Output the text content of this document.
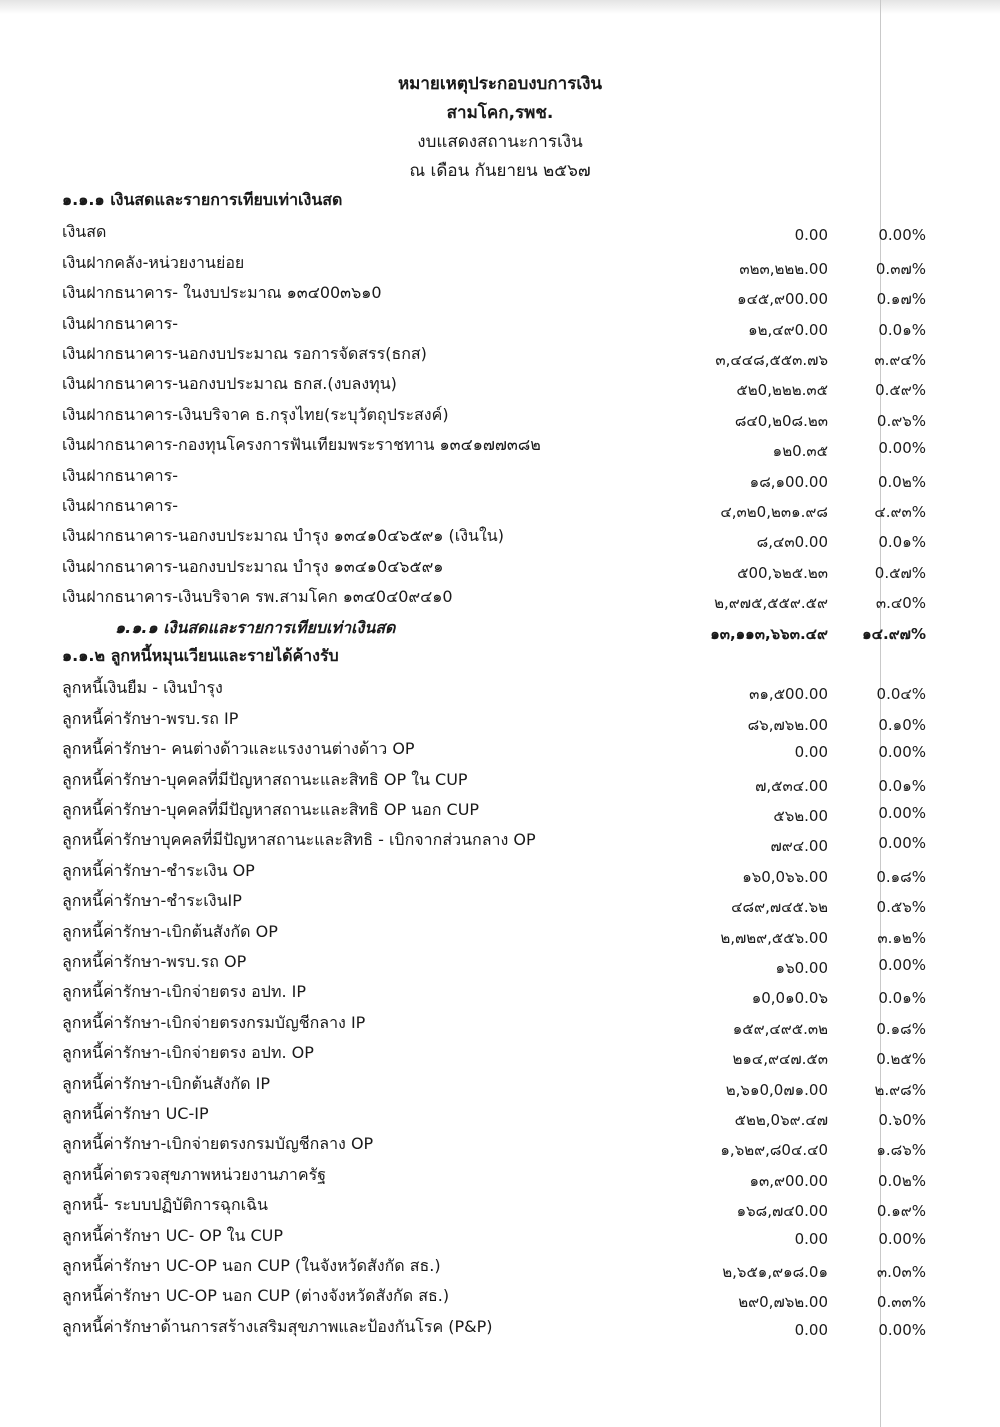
หมายเหตุประกอบงบการเงิน
สามโคก,รพช.
งบแสดงสถานะการเงิน
ณ เดือน กันยายน ๒๕๖๗
๑.๑.๑ เงินสดและรายการเทียบเท่าเงินสด
เงินสด	0.00	0.00%
เงินฝากคลัง-หน่วยงานย่อย	๓๒๓,๒๒๒.00	0.๓๗%
เงินฝากธนาคาร- ในงบประมาณ ๑๓๔00๓๖๑0	๑๔๕,๙00.00	0.๑๗%
เงินฝากธนาคาร-	๑๒,๔๙0.00	0.0๑%
เงินฝากธนาคาร-นอกงบประมาณ รอการจัดสรร(ธกส)	๓,๔๔๘,๕๕๓.๗๖	๓.๙๔%
เงินฝากธนาคาร-นอกงบประมาณ ธกส.(งบลงทุน)	๕๒0,๒๒๒.๓๕	0.๕๙%
เงินฝากธนาคาร-เงินบริจาค ธ.กรุงไทย(ระบุวัตถุประสงค์)	๘๔0,๒0๘.๒๓	0.๙๖%
เงินฝากธนาคาร-กองทุนโครงการฟันเทียมพระราชทาน ๑๓๔๑๗๗๓๘๒	๑๒0.๓๕	0.00%
เงินฝากธนาคาร-	๑๘,๑00.00	0.0๒%
เงินฝากธนาคาร-	๔,๓๒0,๒๓๑.๙๘	๔.๙๓%
เงินฝากธนาคาร-นอกงบประมาณ บำรุง ๑๓๔๑0๔๖๕๙๑ (เงินใน)	๘,๔๓0.00	0.0๑%
เงินฝากธนาคาร-นอกงบประมาณ บำรุง ๑๓๔๑0๔๖๕๙๑	๕00,๖๒๕.๒๓	0.๕๗%
เงินฝากธนาคาร-เงินบริจาค รพ.สามโคก ๑๓๔0๔0๙๔๑0	๒,๙๗๕,๕๕๙.๕๙	๓.๔0%
๑.๑.๑ เงินสดและรายการเทียบเท่าเงินสด	๑๓,๑๑๓,๖๖๓.๔๙ ๑๔.๙๗%
๑.๑.๒ ลูกหนี้หมุนเวียนและรายได้ค้างรับ
ลูกหนี้เงินยืม - เงินบำรุง	๓๑,๕00.00	0.0๔%
ลูกหนี้ค่ารักษา-พรบ.รถ IP	๘๖,๗๖๒.00	0.๑0%
ลูกหนี้ค่ารักษา- คนต่างด้าวและแรงงานต่างด้าว OP	0.00	0.00%
ลูกหนี้ค่ารักษา-บุคคลที่มีปัญหาสถานะและสิทธิ OP ใน CUP	๗,๕๓๔.00	0.0๑%
ลูกหนี้ค่ารักษา-บุคคลที่มีปัญหาสถานะและสิทธิ OP นอก CUP	๕๖๒.00	0.00%
ลูกหนี้ค่ารักษาบุคคลที่มีปัญหาสถานะและสิทธิ - เบิกจากส่วนกลาง OP	๗๙๔.00	0.00%
ลูกหนี้ค่ารักษา-ชำระเงิน OP	๑๖0,0๖๖.00	0.๑๘%
ลูกหนี้ค่ารักษา-ชำระเงินIP	๔๘๙,๗๔๕.๖๒	0.๕๖%
ลูกหนี้ค่ารักษา-เบิกต้นสังกัด OP	๒,๗๒๙,๕๕๖.00	๓.๑๒%
ลูกหนี้ค่ารักษา-พรบ.รถ OP	๑๖0.00	0.00%
ลูกหนี้ค่ารักษา-เบิกจ่ายตรง อปท. IP	๑0,0๑0.0๖	0.0๑%
ลูกหนี้ค่ารักษา-เบิกจ่ายตรงกรมบัญชีกลาง IP	๑๕๙,๔๙๕.๓๒	0.๑๘%
ลูกหนี้ค่ารักษา-เบิกจ่ายตรง อปท. OP	๒๑๔,๙๔๗.๕๓	0.๒๕%
ลูกหนี้ค่ารักษา-เบิกต้นสังกัด IP	๒,๖๑0,0๗๑.00	๒.๙๘%
ลูกหนี้ค่ารักษา UC-IP	๕๒๒,0๖๙.๔๗	0.๖0%
ลูกหนี้ค่ารักษา-เบิกจ่ายตรงกรมบัญชีกลาง OP	๑,๖๒๙,๘0๔.๔0	๑.๘๖%
ลูกหนี้ค่าตรวจสุขภาพหน่วยงานภาครัฐ	๑๓,๙00.00	0.0๒%
ลูกหนี้- ระบบปฏิบัติการฉุกเฉิน	๑๖๘,๗๔0.00	0.๑๙%
ลูกหนี้ค่ารักษา UC- OP ใน CUP	0.00	0.00%
ลูกหนี้ค่ารักษา UC-OP นอก CUP (ในจังหวัดสังกัด สธ.)	๒,๖๕๑,๙๑๘.0๑	๓.0๓%
ลูกหนี้ค่ารักษา UC-OP นอก CUP (ต่างจังหวัดสังกัด สธ.)	๒๙0,๗๖๒.00	0.๓๓%
ลูกหนี้ค่ารักษาด้านการสร้างเสริมสุขภาพและป้องกันโรค (P&P)	0.00	0.00%
